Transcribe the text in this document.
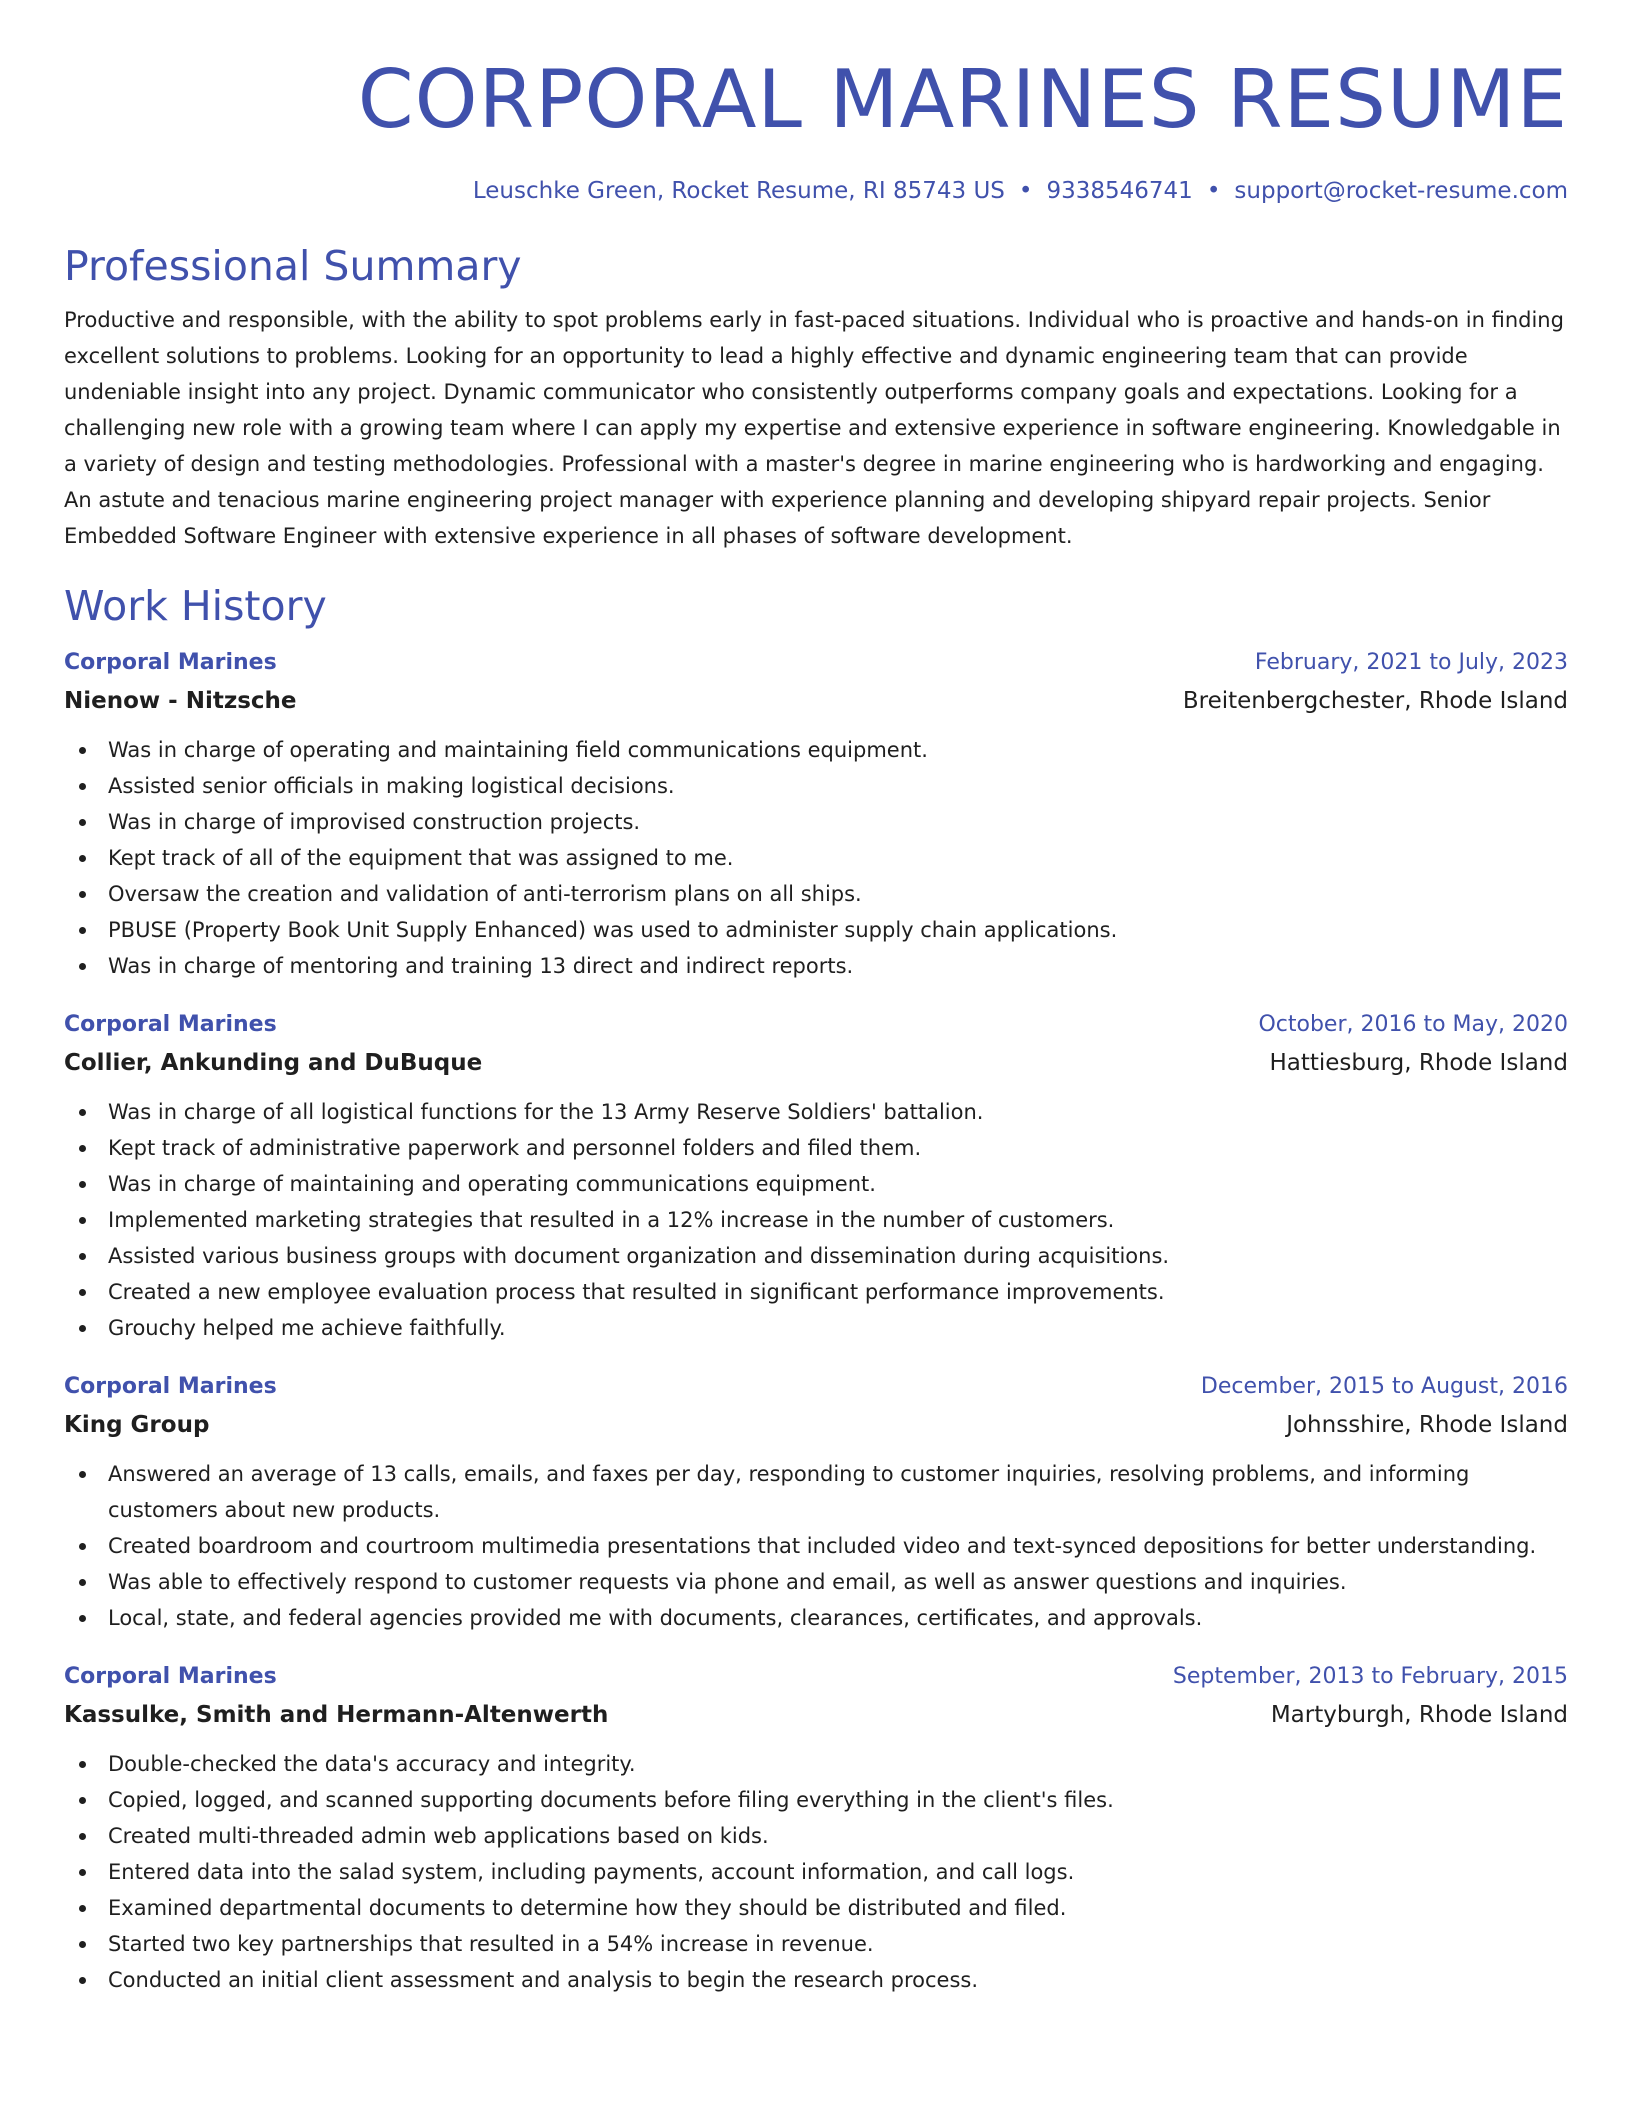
CORPORAL MARINES RESUME
Leuschke Green, Rocket Resume, RI 85743 US • 9338546741 • support@rocket-resume.com
Professional Summary
Productive and responsible, with the ability to spot problems early in fast-paced situations. Individual who is proactive and hands-on in finding excellent solutions to problems. Looking for an opportunity to lead a highly effective and dynamic engineering team that can provide undeniable insight into any project. Dynamic communicator who consistently outperforms company goals and expectations. Looking for a challenging new role with a growing team where I can apply my expertise and extensive experience in software engineering. Knowledgable in a variety of design and testing methodologies. Professional with a master's degree in marine engineering who is hardworking and engaging. An astute and tenacious marine engineering project manager with experience planning and developing shipyard repair projects. Senior Embedded Software Engineer with extensive experience in all phases of software development.
Work History
Corporal Marines	February, 2021 to July, 2023
Nienow - Nitzsche	Breitenbergchester, Rhode Island
Was in charge of operating and maintaining field communications equipment.
Assisted senior officials in making logistical decisions.
Was in charge of improvised construction projects.
Kept track of all of the equipment that was assigned to me.
Oversaw the creation and validation of anti-terrorism plans on all ships.
PBUSE (Property Book Unit Supply Enhanced) was used to administer supply chain applications.
Was in charge of mentoring and training 13 direct and indirect reports.
Corporal Marines	October, 2016 to May, 2020
Collier, Ankunding and DuBuque	Hattiesburg, Rhode Island
Was in charge of all logistical functions for the 13 Army Reserve Soldiers' battalion.
Kept track of administrative paperwork and personnel folders and filed them.
Was in charge of maintaining and operating communications equipment.
Implemented marketing strategies that resulted in a 12% increase in the number of customers.
Assisted various business groups with document organization and dissemination during acquisitions.
Created a new employee evaluation process that resulted in significant performance improvements.
Grouchy helped me achieve faithfully.
Corporal Marines	December, 2015 to August, 2016
King Group	Johnsshire, Rhode Island
Answered an average of 13 calls, emails, and faxes per day, responding to customer inquiries, resolving problems, and informing customers about new products.
Created boardroom and courtroom multimedia presentations that included video and text-synced depositions for better understanding.
Was able to effectively respond to customer requests via phone and email, as well as answer questions and inquiries.
Local, state, and federal agencies provided me with documents, clearances, certificates, and approvals.
Corporal Marines	September, 2013 to February, 2015
Kassulke, Smith and Hermann-Altenwerth	Martyburgh, Rhode Island
Double-checked the data's accuracy and integrity.
Copied, logged, and scanned supporting documents before filing everything in the client's files.
Created multi-threaded admin web applications based on kids.
Entered data into the salad system, including payments, account information, and call logs.
Examined departmental documents to determine how they should be distributed and filed.
Started two key partnerships that resulted in a 54% increase in revenue.
Conducted an initial client assessment and analysis to begin the research process.
